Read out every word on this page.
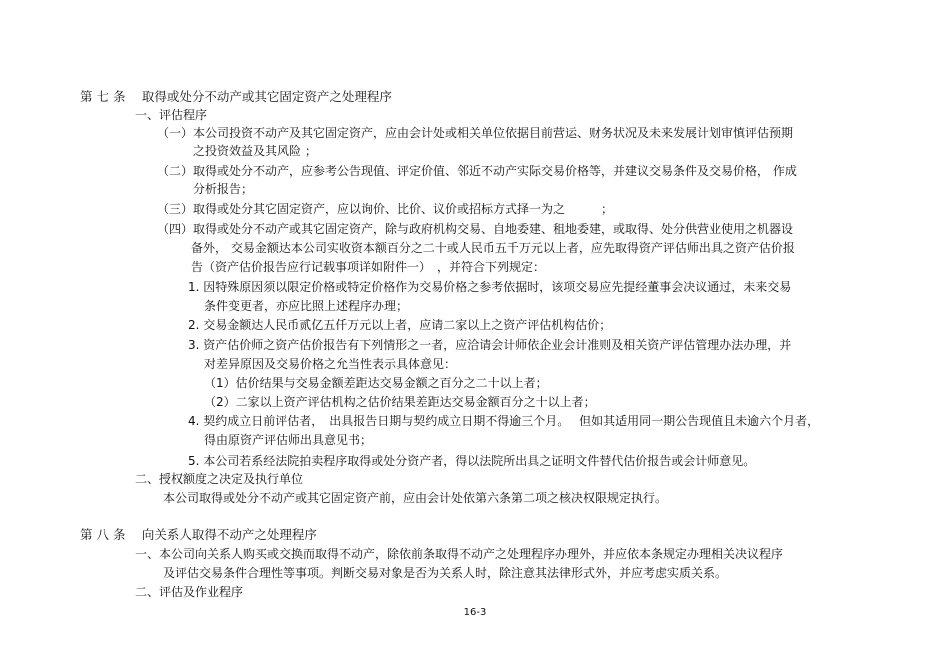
第 七 条　 取得或处分不动产或其它固定资产之处理程序
一、评估程序
（一）本公司投资不动产及其它固定资产，应由会计处或相关单位依据目前营运、财务状况及未来发展计划审慎评估预期
之投资效益及其风险 ；
（二）取得或处分不动产，应参考公告现值、评定价值、邻近不动产实际交易价格等，并建议交易条件及交易价格， 作成
分析报告；
（三）取得或处分其它固定资产，应以询价、比价、议价或招标方式择一为之　　　；
（四）取得或处分不动产或其它固定资产，除与政府机构交易、自地委建、租地委建，或取得、处分供营业使用之机器设
备外， 交易金额达本公司实收资本额百分之二十或人民币五千万元以上者，应先取得资产评估师出具之资产估价报
告（资产估价报告应行记载事项详如附件一）　，并符合下列规定：
1. 因特殊原因须以限定价格或特定价格作为交易价格之参考依据时，该项交易应先提经董事会决议通过，未来交易
条件变更者，亦应比照上述程序办理；
2. 交易金额达人民币贰亿五仟万元以上者，应请二家以上之资产评估机构估价；
3. 资产估价师之资产估价报告有下列情形之一者，应洽请会计师依企业会计准则及相关资产评估管理办法办理，并
对差异原因及交易价格之允当性表示具体意见：
（1）估价结果与交易金额差距达交易金额之百分之二十以上者；
（2）二家以上资产评估机构之估价结果差距达交易金额百分之十以上者；
4. 契约成立日前评估者，　出具报告日期与契约成立日期不得逾三个月。　 但如其适用同一期公告现值且未逾六个月者，
得由原资产评估师出具意见书；
5. 本公司若系经法院拍卖程序取得或处分资产者，得以法院所出具之证明文件替代估价报告或会计师意见。
二、授权额度之决定及执行单位
本公司取得或处分不动产或其它固定资产前，应由会计处依第六条第二项之核决权限规定执行。
第 八 条　 向关系人取得不动产之处理程序
一、本公司向关系人购买或交换而取得不动产，除依前条取得不动产之处理程序办理外，并应依本条规定办理相关决议程序
及评估交易条件合理性等事项。判断交易对象是否为关系人时，除注意其法律形式外，并应考虑实质关系。
二、评估及作业程序
16-3
